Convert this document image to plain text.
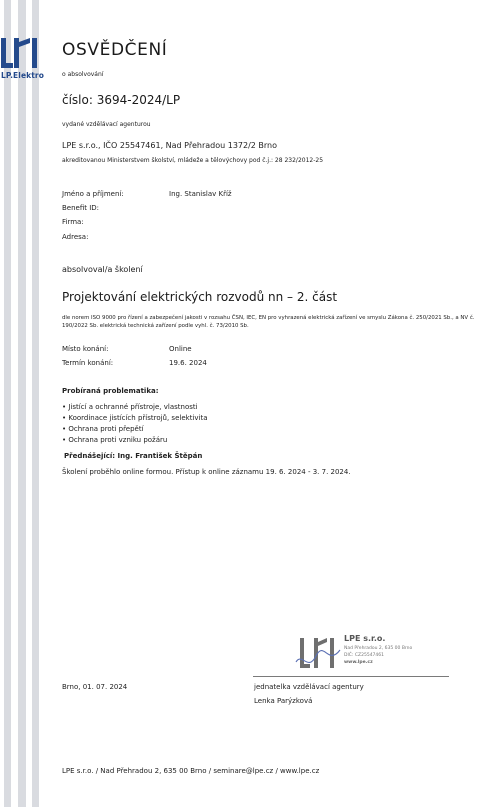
LP.Elektro
OSVĚDČENÍ
o absolvování
číslo: 3694-2024/LP
vydané vzdělávací agenturou
LPE s.r.o., IČO 25547461, Nad Přehradou 1372/2 Brno
akreditovanou Ministerstvem školství, mládeže a tělovýchovy pod č.j.: 28 232/2012-25
Jméno a příjmení:	Ing. Stanislav Kříž
Benefit ID:
Firma:
Adresa:
absolvoval/a školení
Projektování elektrických rozvodů nn – 2. část
dle norem ISO 9000 pro řízení a zabezpečení jakosti v rozsahu ČSN, IEC, EN pro vyhrazená elektrická zařízení ve smyslu Zákona č. 250/2021 Sb., a NV č. 190/2022 Sb. elektrická technická zařízení podle vyhl. č. 73/2010 Sb.
Místo konání:	Online
Termín konání:	19.6. 2024
Probíraná problematika:
• Jistící a ochranné přístroje, vlastnosti
• Koordinace jistících přístrojů, selektivita
• Ochrana proti přepětí
• Ochrana proti vzniku požáru
Přednášející: Ing. František Štěpán
Školení proběhlo online formou. Přístup k online záznamu 19. 6. 2024 - 3. 7. 2024.
LPE s.r.o.
Nad Přehradou 2, 635 00 Brno
DIČ: CZ25547461
www.lpe.cz
Brno, 01. 07. 2024	jednatelka vzdělávací agentury
Lenka Parýzková
LPE s.r.o. / Nad Přehradou 2, 635 00 Brno / seminare@lpe.cz / www.lpe.cz
